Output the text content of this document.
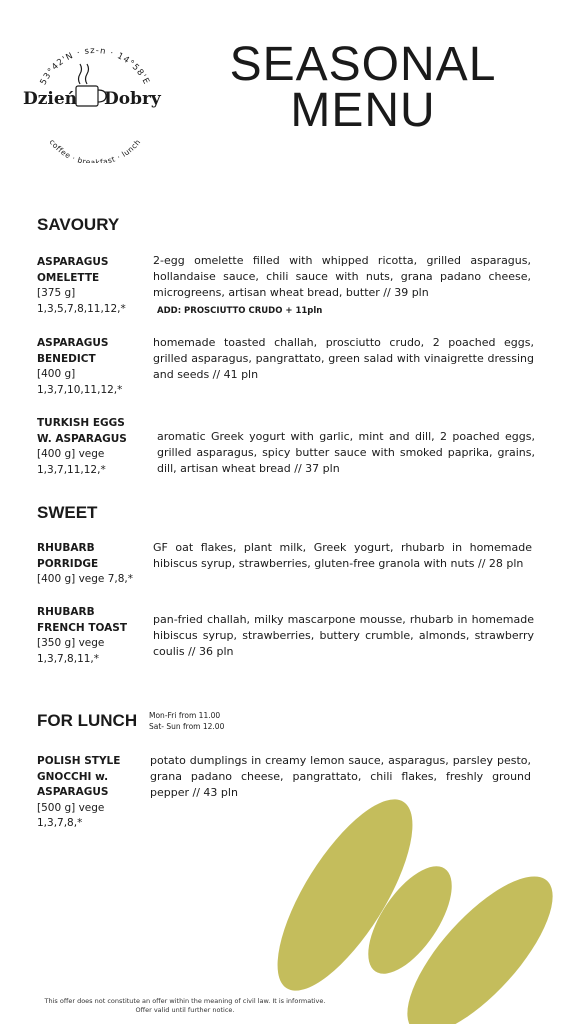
53°42'N · sz-n · 14°58'E
Dzień Dobry
coffee · breakfast · lunch
SEASONAL
MENU
SAVOURY
ASPARAGUS
OMELETTE
[375 g]
1,3,5,7,8,11,12,*
2-egg omelette filled with whipped ricotta, grilled asparagus, hollandaise sauce, chili sauce with nuts, grana padano cheese, microgreens, artisan wheat bread, butter // 39 pln
ADD: PROSCIUTTO CRUDO + 11pln
ASPARAGUS
BENEDICT
[400 g]
1,3,7,10,11,12,*
homemade toasted challah, prosciutto crudo, 2 poached eggs, grilled asparagus, pangrattato, green salad with vinaigrette dressing and seeds // 41 pln
TURKISH EGGS
W. ASPARAGUS
[400 g] vege
1,3,7,11,12,*
aromatic Greek yogurt with garlic, mint and dill, 2 poached eggs, grilled asparagus, spicy butter sauce with smoked paprika, grains, dill, artisan wheat bread // 37 pln
SWEET
RHUBARB
PORRIDGE
[400 g] vege 7,8,*
GF oat flakes, plant milk, Greek yogurt, rhubarb in homemade hibiscus syrup, strawberries, gluten-free granola with nuts // 28 pln
RHUBARB
FRENCH TOAST
[350 g] vege
1,3,7,8,11,*
pan-fried challah, milky mascarpone mousse, rhubarb in homemade hibiscus syrup, strawberries, buttery crumble, almonds, strawberry coulis // 36 pln
FOR LUNCH Mon-Fri from 11.00
Sat- Sun from 12.00
POLISH STYLE
GNOCCHI w.
ASPARAGUS
[500 g] vege
1,3,7,8,*
potato dumplings in creamy lemon sauce, asparagus, parsley pesto, grana padano cheese, pangrattato, chili flakes, freshly ground pepper // 43 pln
This offer does not constitute an offer within the meaning of civil law. It is informative.
Offer valid until further notice.
